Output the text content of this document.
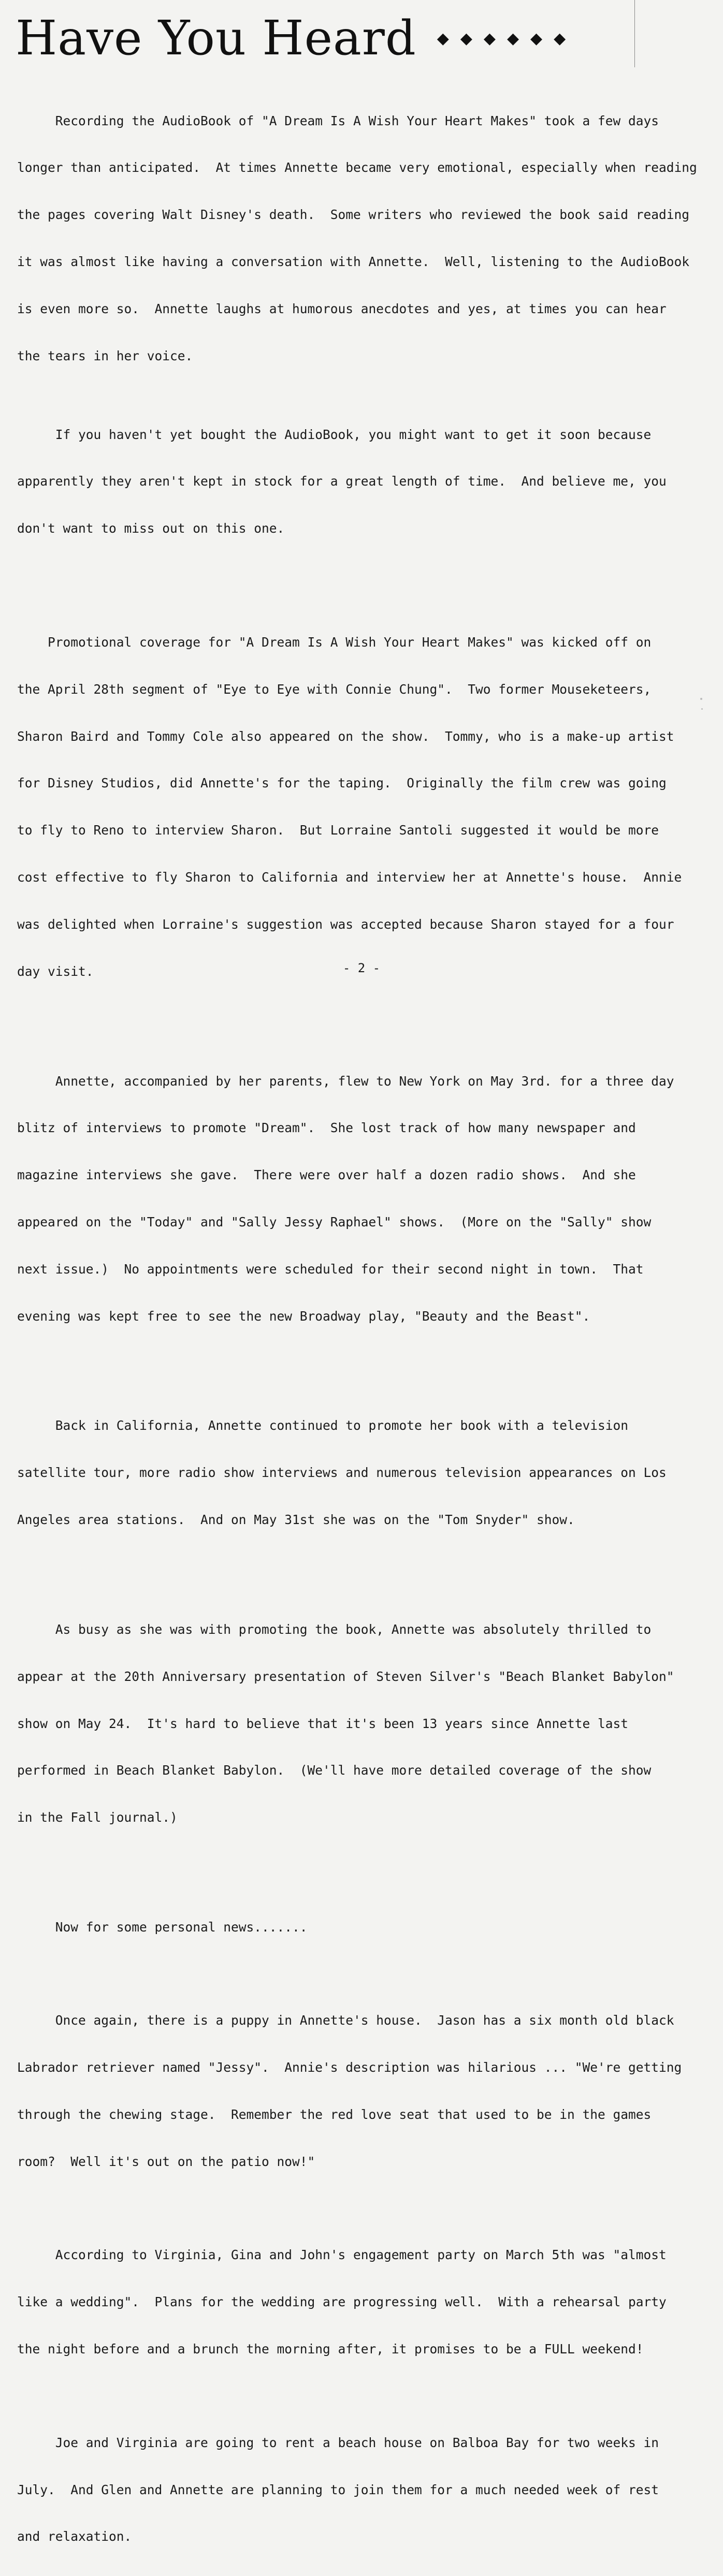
Have You Heard ◆◆◆◆◆◆

Recording the AudioBook of "A Dream Is A Wish Your Heart Makes" took a few days

longer than anticipated.  At times Annette became very emotional, especially when reading

the pages covering Walt Disney's death.  Some writers who reviewed the book said reading

it was almost like having a conversation with Annette.  Well, listening to the AudioBook

is even more so.  Annette laughs at humorous anecdotes and yes, at times you can hear

the tears in her voice.

If you haven't yet bought the AudioBook, you might want to get it soon because

apparently they aren't kept in stock for a great length of time.  And believe me, you

don't want to miss out on this one.

Promotional coverage for "A Dream Is A Wish Your Heart Makes" was kicked off on

the April 28th segment of "Eye to Eye with Connie Chung".  Two former Mouseketeers,

Sharon Baird and Tommy Cole also appeared on the show.  Tommy, who is a make-up artist

for Disney Studios, did Annette's for the taping.  Originally the film crew was going

to fly to Reno to interview Sharon.  But Lorraine Santoli suggested it would be more

cost effective to fly Sharon to California and interview her at Annette's house.  Annie

was delighted when Lorraine's suggestion was accepted because Sharon stayed for a four

day visit.

Annette, accompanied by her parents, flew to New York on May 3rd. for a three day

blitz of interviews to promote "Dream".  She lost track of how many newspaper and

magazine interviews she gave.  There were over half a dozen radio shows.  And she

appeared on the "Today" and "Sally Jessy Raphael" shows.  (More on the "Sally" show

next issue.)  No appointments were scheduled for their second night in town.  That

evening was kept free to see the new Broadway play, "Beauty and the Beast".

Back in California, Annette continued to promote her book with a television

satellite tour, more radio show interviews and numerous television appearances on Los

Angeles area stations.  And on May 31st she was on the "Tom Snyder" show.

As busy as she was with promoting the book, Annette was absolutely thrilled to

appear at the 20th Anniversary presentation of Steven Silver's "Beach Blanket Babylon"

show on May 24.  It's hard to believe that it's been 13 years since Annette last

performed in Beach Blanket Babylon.  (We'll have more detailed coverage of the show

in the Fall journal.)

Now for some personal news.......

Once again, there is a puppy in Annette's house.  Jason has a six month old black

Labrador retriever named "Jessy".  Annie's description was hilarious ... "We're getting

through the chewing stage.  Remember the red love seat that used to be in the games

room?  Well it's out on the patio now!"

According to Virginia, Gina and John's engagement party on March 5th was "almost

like a wedding".  Plans for the wedding are progressing well.  With a rehearsal party

the night before and a brunch the morning after, it promises to be a FULL weekend!

Joe and Virginia are going to rent a beach house on Balboa Bay for two weeks in

July.  And Glen and Annette are planning to join them for a much needed week of rest

and relaxation.

- 2 -
